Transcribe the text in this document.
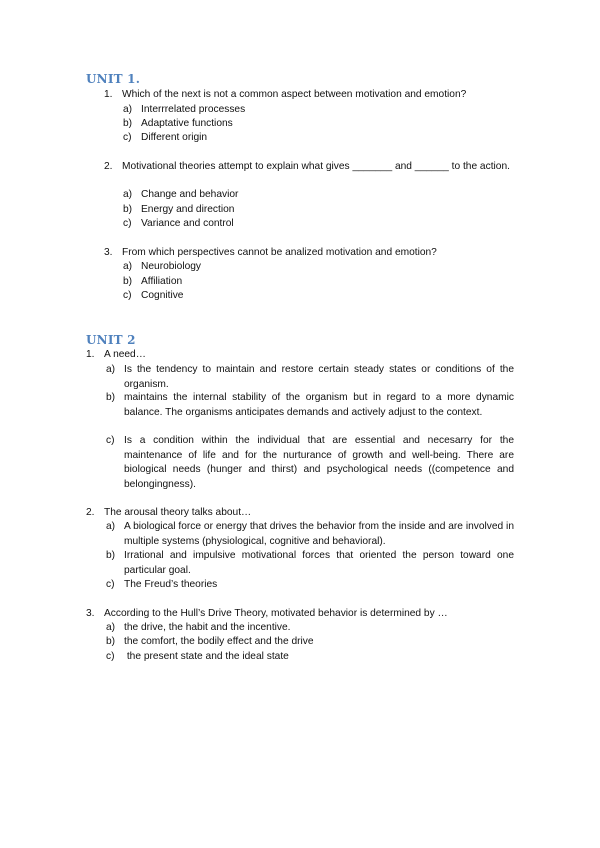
UNIT 1.
1. Which of the next is not a common aspect between motivation and emotion?
a) Interrrelated processes
b) Adaptative functions
c) Different origin
2. Motivational theories attempt to explain what gives _______ and ______ to the action.
a) Change and behavior
b) Energy and direction
c) Variance and control
3. From which perspectives cannot be analized motivation and emotion?
a) Neurobiology
b) Affiliation
c) Cognitive
UNIT 2
1. A need…
a) Is the tendency to maintain and restore certain steady states or conditions of the organism.
b) maintains the internal stability of the organism but in regard to a more dynamic balance. The organisms anticipates demands and actively adjust to the context.
c) Is a condition within the individual that are essential and necesarry for the maintenance of life and for the nurturance of growth and well-being. There are biological needs (hunger and thirst) and psychological needs ((competence and belongingness).
2. The arousal theory talks about…
a) A biological force or energy that drives the behavior from the inside and are involved in multiple systems (physiological, cognitive and behavioral).
b) Irrational and impulsive motivational forces that oriented the person toward one particular goal.
c) The Freud’s theories
3. According to the Hull’s Drive Theory, motivated behavior is determined by …
a) the drive, the habit and the incentive.
b) the comfort, the bodily effect and the drive
c) the present state and the ideal state
